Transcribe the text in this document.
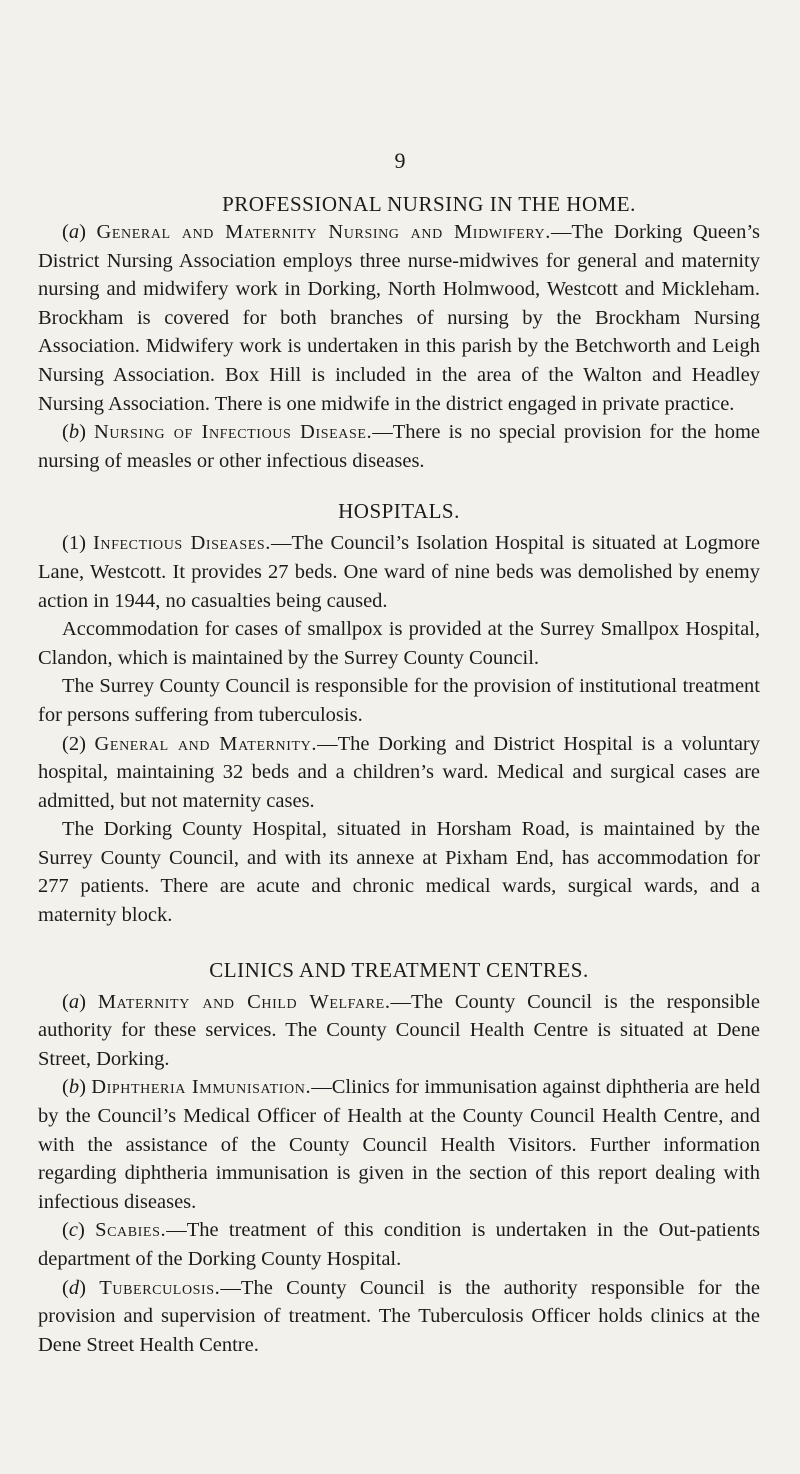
9
PROFESSIONAL NURSING IN THE HOME.

(a) General and Maternity Nursing and Midwifery.—The Dorking Queen’s District Nursing Association employs three nurse-midwives for general and maternity nursing and midwifery work in Dorking, North Holmwood, Westcott and Mickleham. Brockham is covered for both branches of nursing by the Brockham Nursing Association. Midwifery work is undertaken in this parish by the Betchworth and Leigh Nursing Association. Box Hill is included in the area of the Walton and Headley Nursing Association. There is one midwife in the district engaged in private practice.

(b) Nursing of Infectious Disease.—There is no special provision for the home nursing of measles or other infectious diseases.

HOSPITALS.

(1) Infectious Diseases.—The Council’s Isolation Hospital is situated at Logmore Lane, Westcott. It provides 27 beds. One ward of nine beds was demolished by enemy action in 1944, no casualties being caused.

Accommodation for cases of smallpox is provided at the Surrey Smallpox Hospital, Clandon, which is maintained by the Surrey County Council.

The Surrey County Council is responsible for the provision of institutional treatment for persons suffering from tuberculosis.

(2) General and Maternity.—The Dorking and District Hospital is a voluntary hospital, maintaining 32 beds and a children’s ward. Medical and surgical cases are admitted, but not maternity cases.

The Dorking County Hospital, situated in Horsham Road, is maintained by the Surrey County Council, and with its annexe at Pixham End, has accommodation for 277 patients. There are acute and chronic medical wards, surgical wards, and a maternity block.

CLINICS AND TREATMENT CENTRES.

(a) Maternity and Child Welfare.—The County Council is the responsible authority for these services. The County Council Health Centre is situated at Dene Street, Dorking.

(b) Diphtheria Immunisation.—Clinics for immunisation against diphtheria are held by the Council’s Medical Officer of Health at the County Council Health Centre, and with the assistance of the County Council Health Visitors. Further information regarding diphtheria immunisation is given in the section of this report dealing with infectious diseases.

(c) Scabies.—The treatment of this condition is undertaken in the Out-patients department of the Dorking County Hospital.

(d) Tuberculosis.—The County Council is the authority responsible for the provision and supervision of treatment. The Tuberculosis Officer holds clinics at the Dene Street Health Centre.
